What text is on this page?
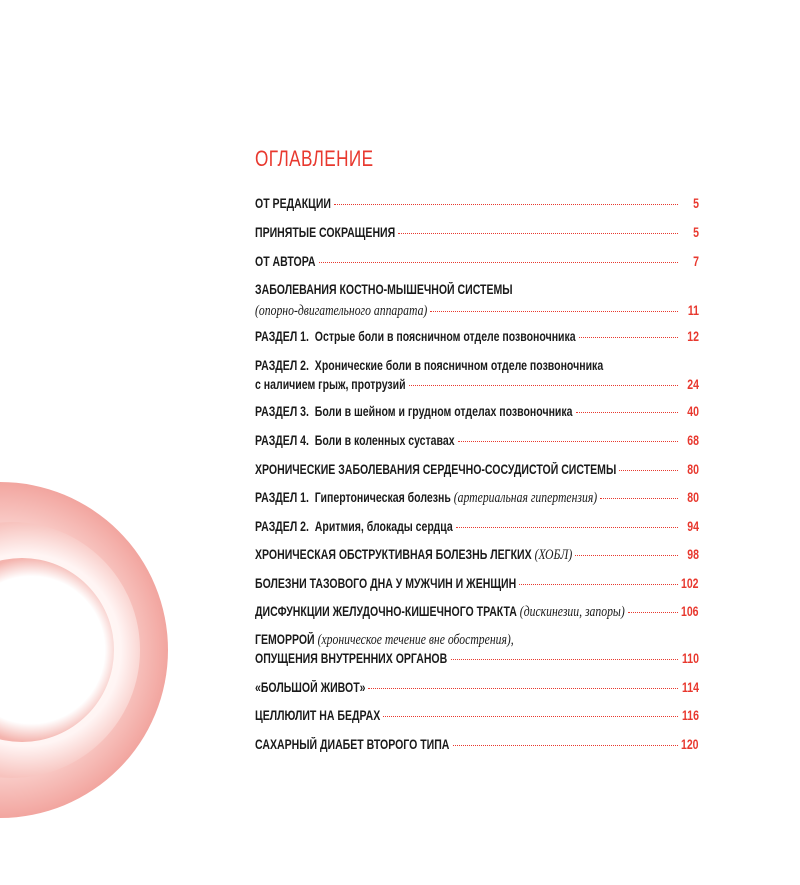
ОГЛАВЛЕНИЕ
ОТ РЕДАКЦИИ	5
ПРИНЯТЫЕ СОКРАЩЕНИЯ	5
ОТ АВТОРА	7
ЗАБОЛЕВАНИЯ КОСТНО-МЫШЕЧНОЙ СИСТЕМЫ
(опорно-двигательного аппарата)	11
РАЗДЕЛ 1. Острые боли в поясничном отделе позвоночника	12
РАЗДЕЛ 2. Хронические боли в поясничном отделе позвоночника
с наличием грыж, протрузий	24
РАЗДЕЛ 3. Боли в шейном и грудном отделах позвоночника	40
РАЗДЕЛ 4. Боли в коленных суставах	68
ХРОНИЧЕСКИЕ ЗАБОЛЕВАНИЯ СЕРДЕЧНО-СОСУДИСТОЙ СИСТЕМЫ	80
РАЗДЕЛ 1. Гипертоническая болезнь (артериальная гипертензия)	80
РАЗДЕЛ 2. Аритмия, блокады сердца	94
ХРОНИЧЕСКАЯ ОБСТРУКТИВНАЯ БОЛЕЗНЬ ЛЕГКИХ (ХОБЛ)	98
БОЛЕЗНИ ТАЗОВОГО ДНА У МУЖЧИН И ЖЕНЩИН	102
ДИСФУНКЦИИ ЖЕЛУДОЧНО-КИШЕЧНОГО ТРАКТА (дискинезии, запоры)	106
ГЕМОРРОЙ (хроническое течение вне обострения),
ОПУЩЕНИЯ ВНУТРЕННИХ ОРГАНОВ	110
«БОЛЬШОЙ ЖИВОТ»	114
ЦЕЛЛЮЛИТ НА БЕДРАХ	116
САХАРНЫЙ ДИАБЕТ ВТОРОГО ТИПА	120
